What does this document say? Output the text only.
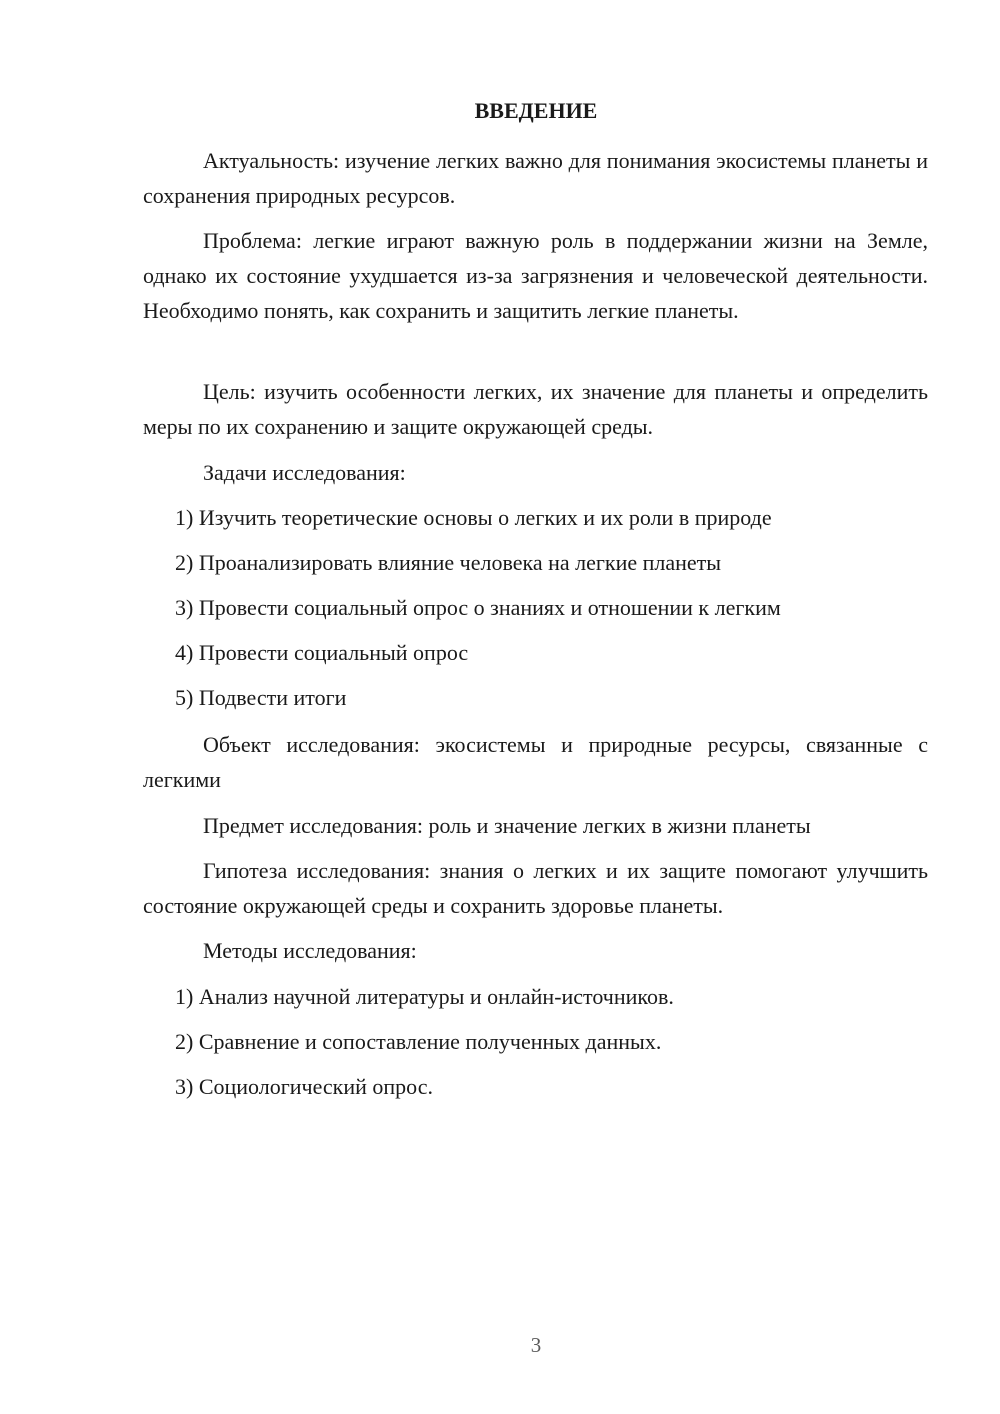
ВВЕДЕНИЕ

Актуальность: изучение легких важно для понимания экосистемы планеты и сохранения природных ресурсов.

Проблема: легкие играют важную роль в поддержании жизни на Земле, однако их состояние ухудшается из-за загрязнения и человеческой деятельности. Необходимо понять, как сохранить и защитить легкие планеты.

Цель: изучить особенности легких, их значение для планеты и определить меры по их сохранению и защите окружающей среды.

Задачи исследования:

1) Изучить теоретические основы о легких и их роли в природе

2) Проанализировать влияние человека на легкие планеты

3) Провести социальный опрос о знаниях и отношении к легким

4) Провести социальный опрос

5) Подвести итоги

Объект исследования: экосистемы и природные ресурсы, связанные с легкими

Предмет исследования: роль и значение легких в жизни планеты

Гипотеза исследования: знания о легких и их защите помогают улучшить состояние окружающей среды и сохранить здоровье планеты.

Методы исследования:

1) Анализ научной литературы и онлайн-источников.

2) Сравнение и сопоставление полученных данных.

3) Социологический опрос.

3
